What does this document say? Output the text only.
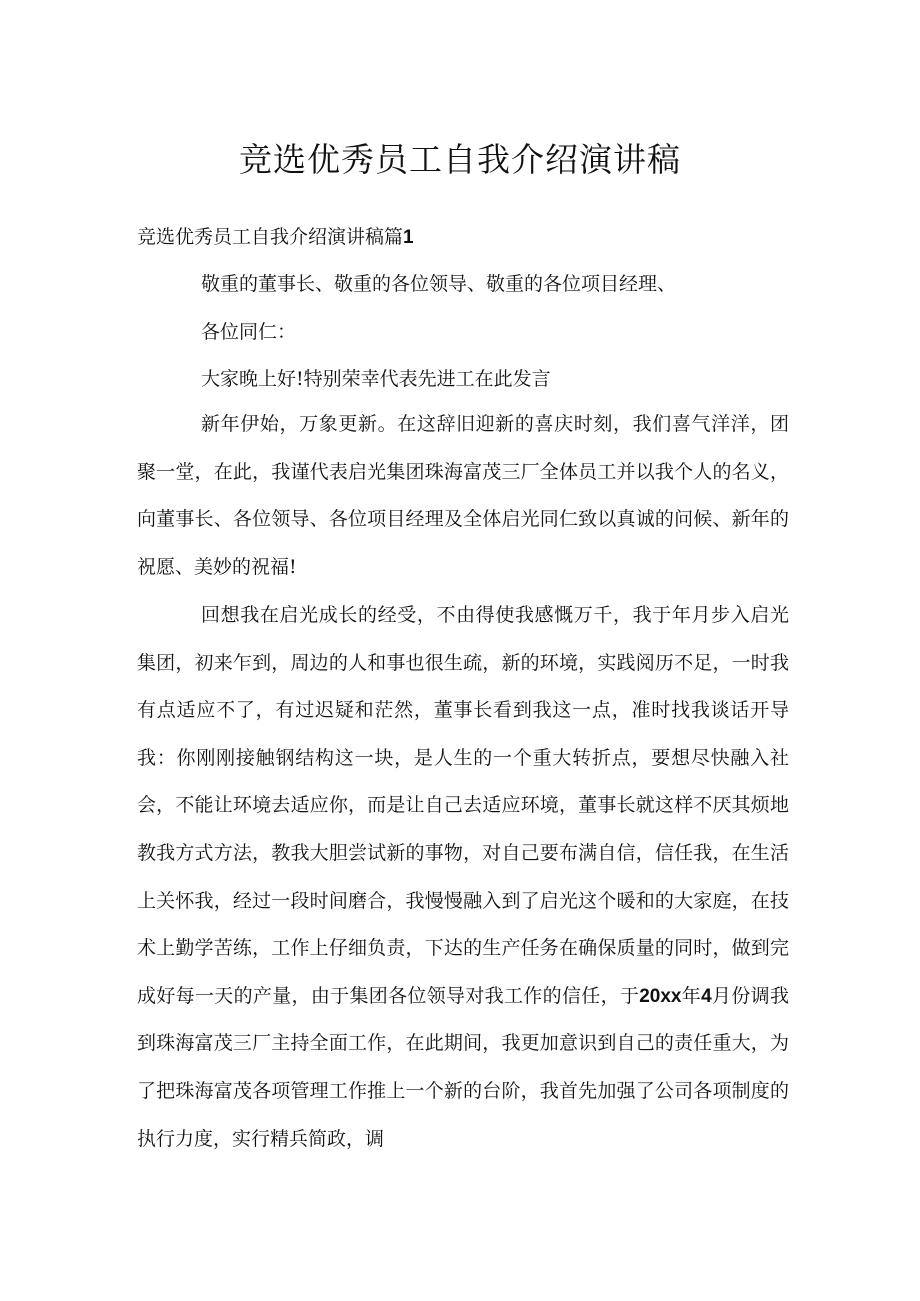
竞选优秀员工自我介绍演讲稿

竞选优秀员工自我介绍演讲稿篇1

敬重的董事长、敬重的各位领导、敬重的各位项目经理、

各位同仁：

大家晚上好!特别荣幸代表先进工在此发言

新年伊始，万象更新。在这辞旧迎新的喜庆时刻，我们喜气洋洋，团聚一堂，在此，我谨代表启光集团珠海富茂三厂全体员工并以我个人的名义，向董事长、各位领导、各位项目经理及全体启光同仁致以真诚的问候、新年的祝愿、美妙的祝福!

回想我在启光成长的经受，不由得使我感慨万千，我于年月步入启光集团，初来乍到，周边的人和事也很生疏，新的环境，实践阅历不足，一时我有点适应不了，有过迟疑和茫然，董事长看到我这一点，准时找我谈话开导我：你刚刚接触钢结构这一块，是人生的一个重大转折点，要想尽快融入社会，不能让环境去适应你，而是让自己去适应环境，董事长就这样不厌其烦地教我方式方法，教我大胆尝试新的事物，对自己要布满自信，信任我，在生活上关怀我，经过一段时间磨合，我慢慢融入到了启光这个暖和的大家庭，在技术上勤学苦练，工作上仔细负责，下达的生产任务在确保质量的同时，做到完成好每一天的产量，由于集团各位领导对我工作的信任，于20xx年4月份调我到珠海富茂三厂主持全面工作，在此期间，我更加意识到自己的责任重大，为了把珠海富茂各项管理工作推上一个新的台阶，我首先加强了公司各项制度的执行力度，实行精兵简政，调
